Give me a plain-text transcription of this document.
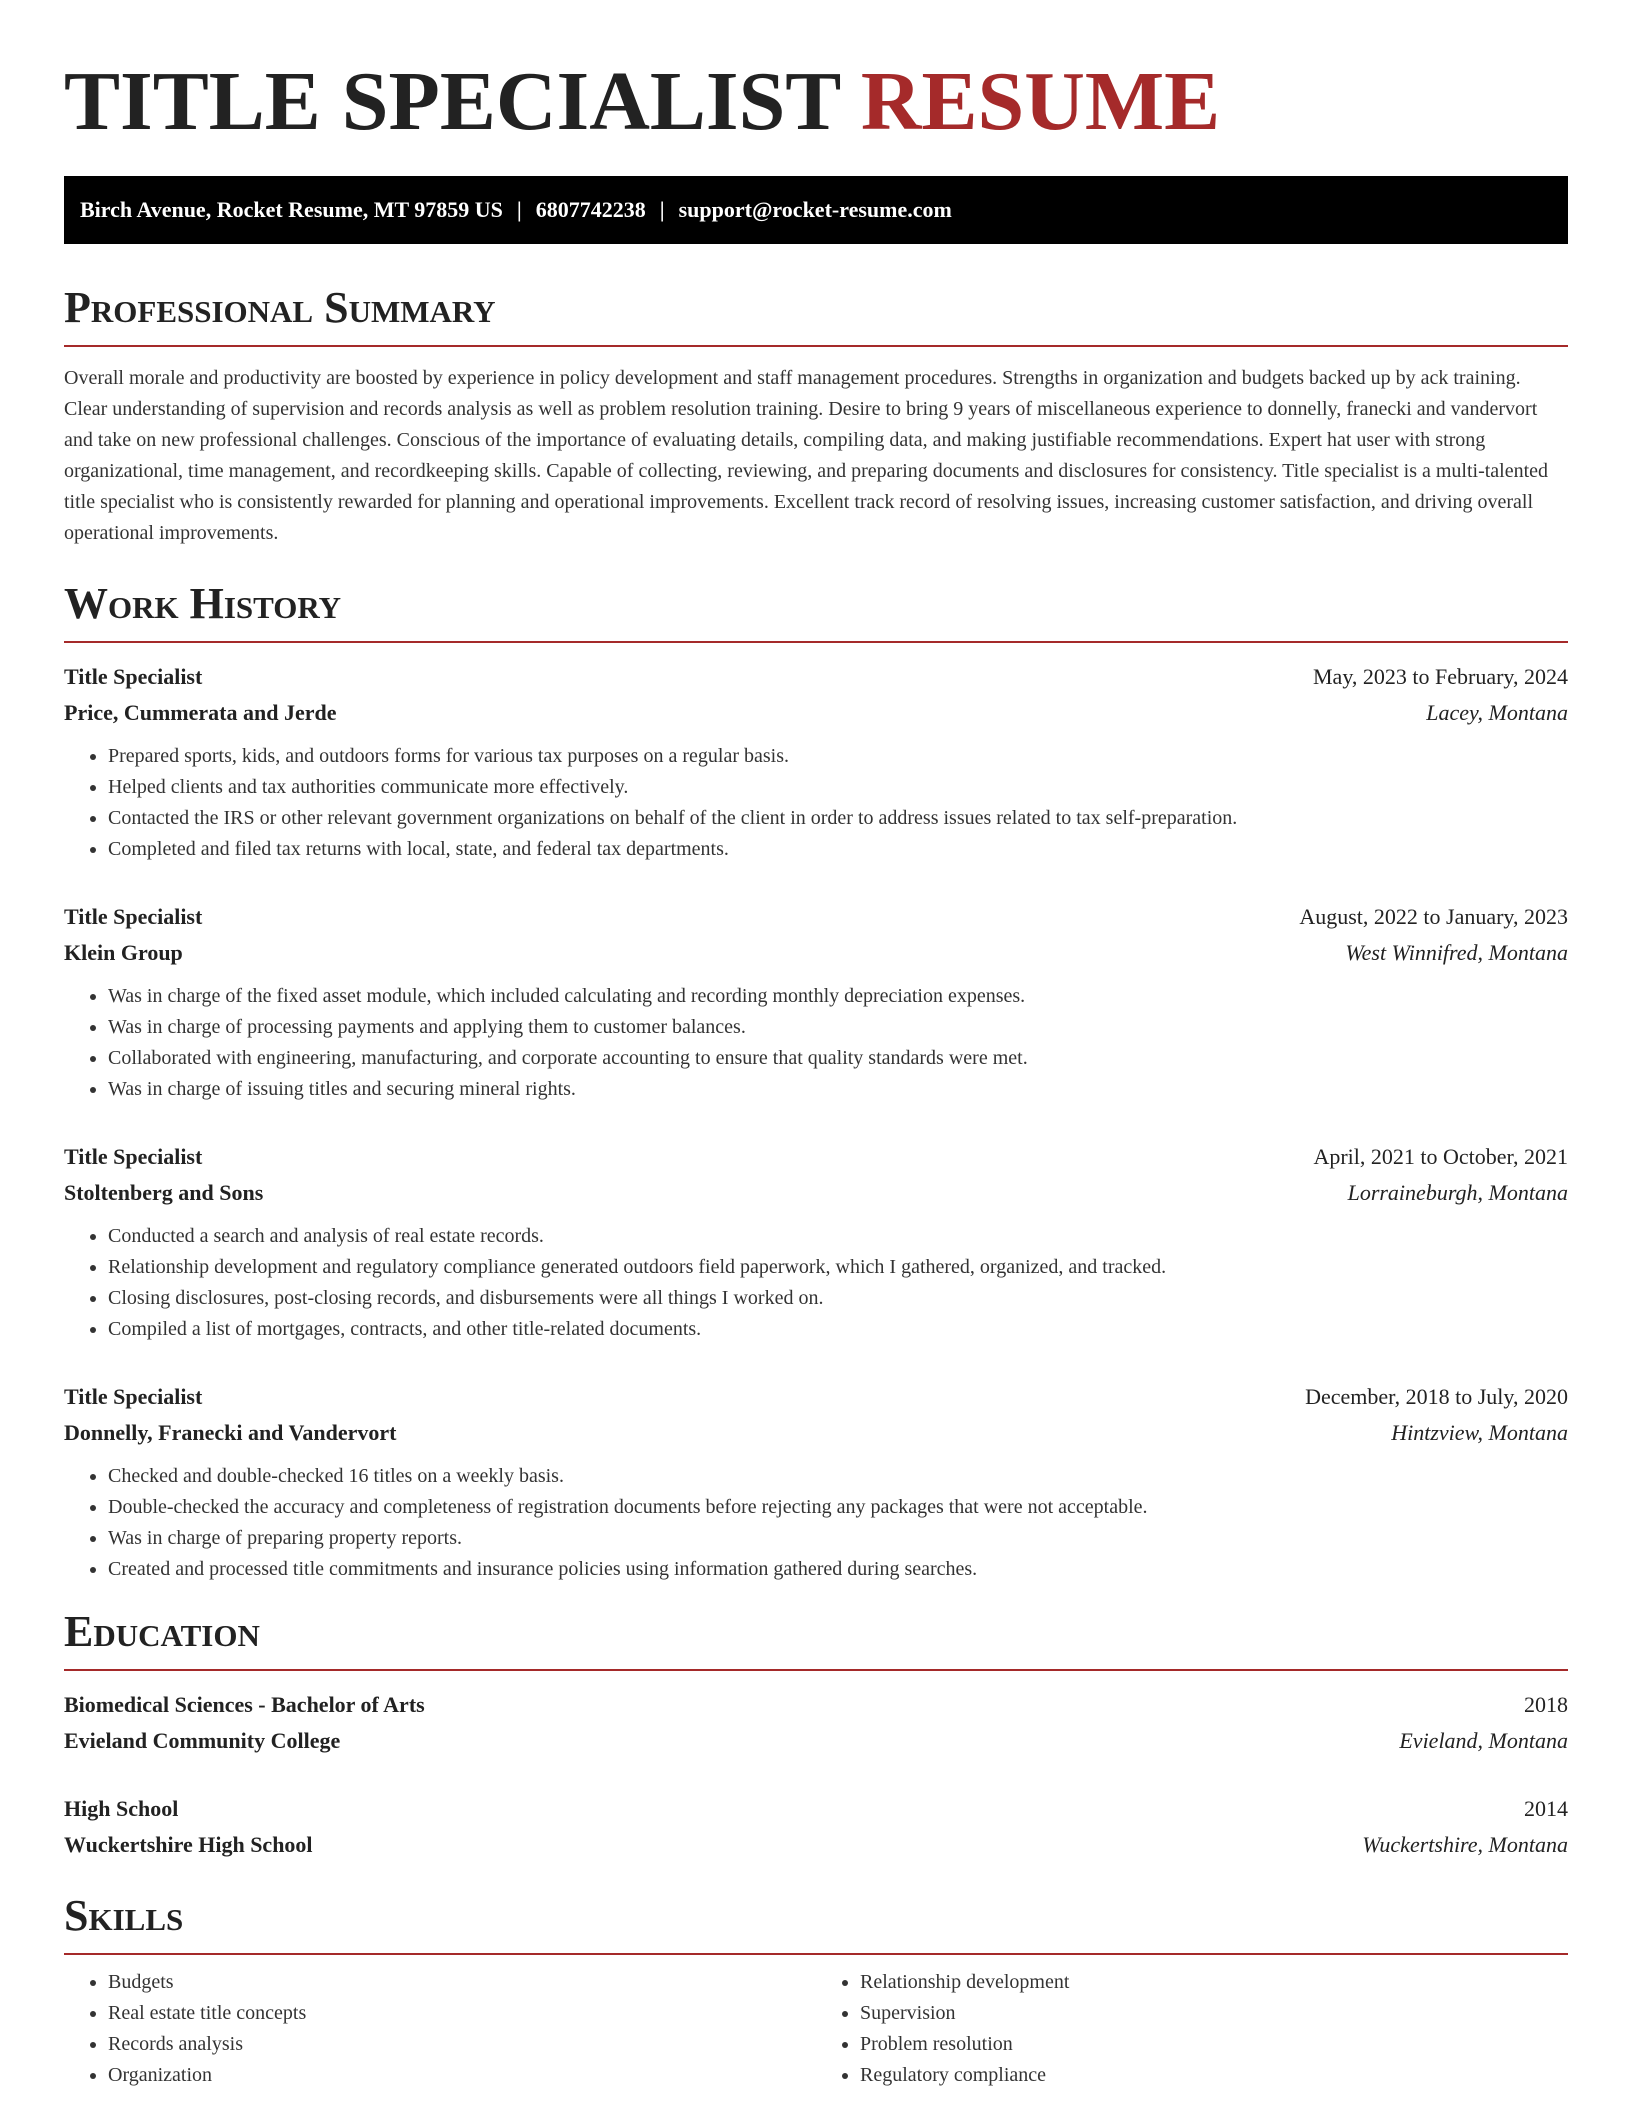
TITLE SPECIALIST RESUME
Birch Avenue, Rocket Resume, MT 97859 US | 6807742238 | support@rocket-resume.com
Professional Summary
Overall morale and productivity are boosted by experience in policy development and staff management procedures. Strengths in organization and budgets backed up by ack training. Clear understanding of supervision and records analysis as well as problem resolution training. Desire to bring 9 years of miscellaneous experience to donnelly, franecki and vandervort and take on new professional challenges. Conscious of the importance of evaluating details, compiling data, and making justifiable recommendations. Expert hat user with strong organizational, time management, and recordkeeping skills. Capable of collecting, reviewing, and preparing documents and disclosures for consistency. Title specialist is a multi-talented title specialist who is consistently rewarded for planning and operational improvements. Excellent track record of resolving issues, increasing customer satisfaction, and driving overall operational improvements.
Work History
Title Specialist	May, 2023 to February, 2024
Price, Cummerata and Jerde	Lacey, Montana
• Prepared sports, kids, and outdoors forms for various tax purposes on a regular basis.
• Helped clients and tax authorities communicate more effectively.
• Contacted the IRS or other relevant government organizations on behalf of the client in order to address issues related to tax self-preparation.
• Completed and filed tax returns with local, state, and federal tax departments.
Title Specialist	August, 2022 to January, 2023
Klein Group	West Winnifred, Montana
• Was in charge of the fixed asset module, which included calculating and recording monthly depreciation expenses.
• Was in charge of processing payments and applying them to customer balances.
• Collaborated with engineering, manufacturing, and corporate accounting to ensure that quality standards were met.
• Was in charge of issuing titles and securing mineral rights.
Title Specialist	April, 2021 to October, 2021
Stoltenberg and Sons	Lorraineburgh, Montana
• Conducted a search and analysis of real estate records.
• Relationship development and regulatory compliance generated outdoors field paperwork, which I gathered, organized, and tracked.
• Closing disclosures, post-closing records, and disbursements were all things I worked on.
• Compiled a list of mortgages, contracts, and other title-related documents.
Title Specialist	December, 2018 to July, 2020
Donnelly, Franecki and Vandervort	Hintzview, Montana
• Checked and double-checked 16 titles on a weekly basis.
• Double-checked the accuracy and completeness of registration documents before rejecting any packages that were not acceptable.
• Was in charge of preparing property reports.
• Created and processed title commitments and insurance policies using information gathered during searches.
Education
Biomedical Sciences - Bachelor of Arts	2018
Evieland Community College	Evieland, Montana
High School	2014
Wuckertshire High School	Wuckertshire, Montana
Skills
• Budgets
• Real estate title concepts
• Records analysis
• Organization
• Relationship development
• Supervision
• Problem resolution
• Regulatory compliance
